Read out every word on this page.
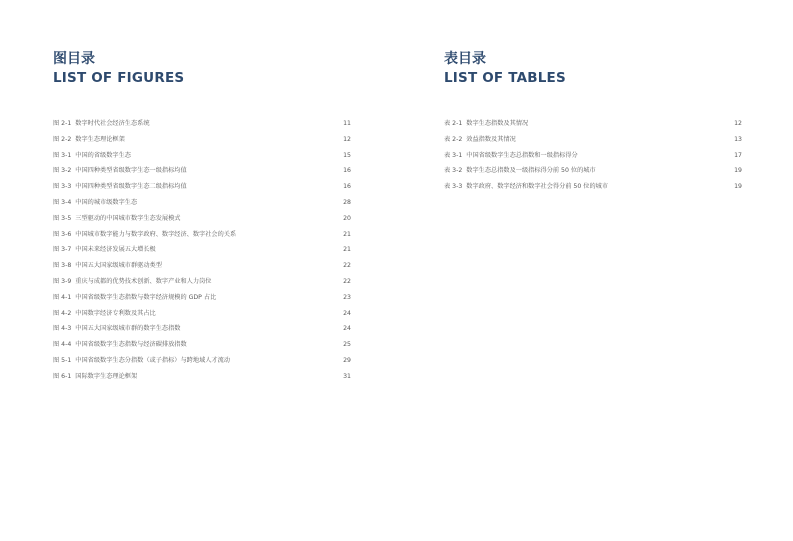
图目录
LIST OF FIGURES
图 2-1 数字时代社会经济生态系统	11
图 2-2 数字生态理论框架	12
图 3-1 中国的省级数字生态	15
图 3-2 中国四种类型省级数字生态一级指标均值	16
图 3-3 中国四种类型省级数字生态二级指标均值	16
图 3-4 中国的城市级数字生态	28
图 3-5 三型驱动的中国城市数字生态发展模式	20
图 3-6 中国城市数字能力与数字政府、数字经济、数字社会的关系	21
图 3-7 中国未来经济发展五大增长极	21
图 3-8 中国五大国家级城市群驱动类型	22
图 3-9 重庆与成都的优势技术创新、数字产业和人力岗位	22
图 4-1 中国省级数字生态指数与数字经济规模的 GDP 占比	23
图 4-2 中国数字经济专利数及其占比	24
图 4-3 中国五大国家级城市群的数字生态指数	24
图 4-4 中国省级数字生态指数与经济碳排放指数	25
图 5-1 中国省级数字生态分指数（或子指标）与跨地域人才流动	29
图 6-1 国际数字生态理论框架	31
表目录
LIST OF TABLES
表 2-1 数字生态指数及其情况	12
表 2-2 效益指数及其情况	13
表 3-1 中国省级数字生态总指数和一级指标得分	17
表 3-2 数字生态总指数及一级指标得分前 50 位的城市	19
表 3-3 数字政府、数字经济和数字社会得分前 50 位的城市	19
